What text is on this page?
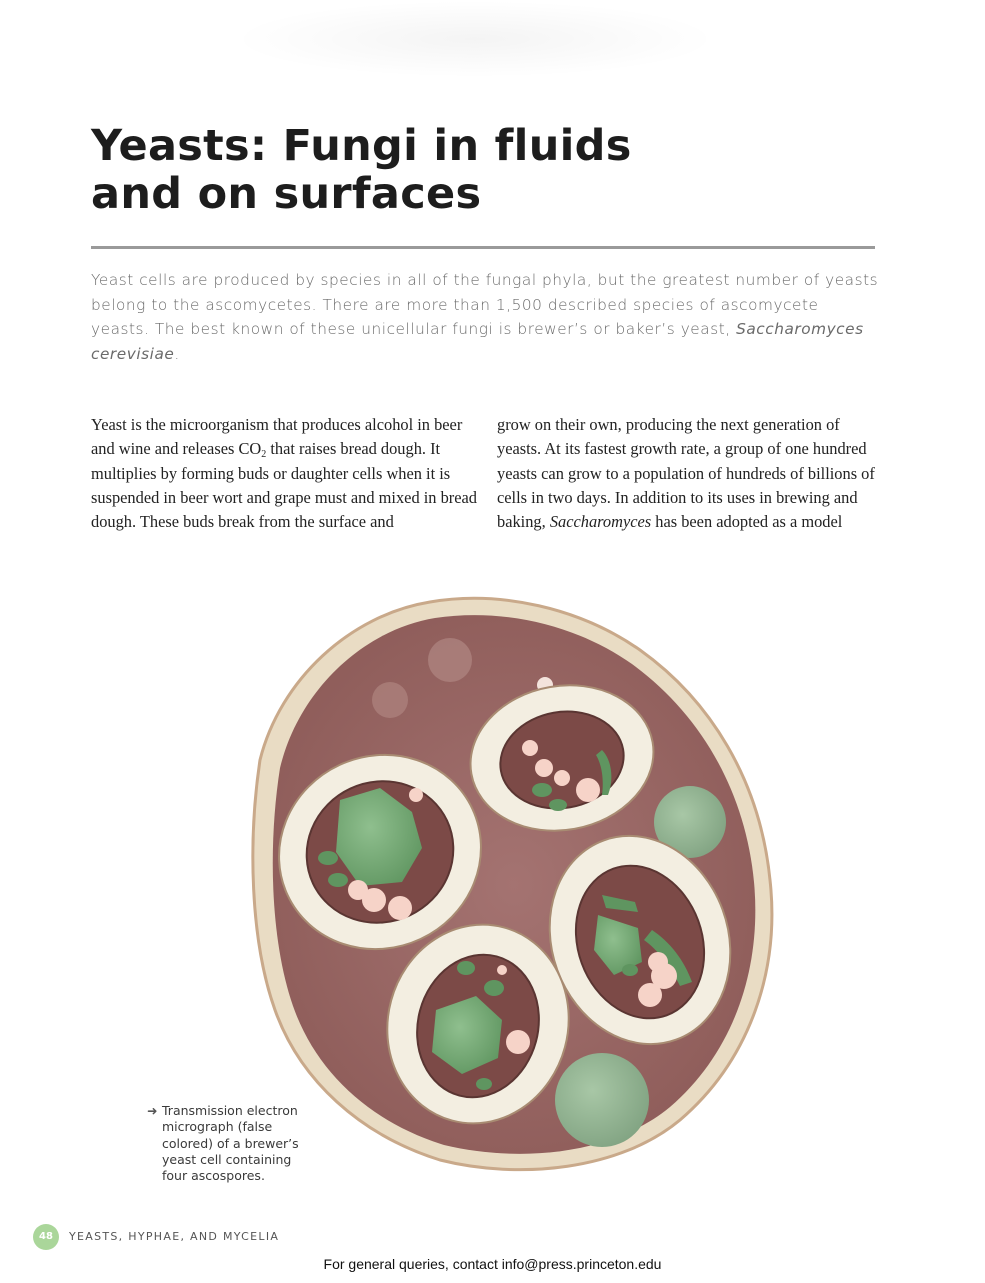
Yeasts: Fungi in fluids
and on surfaces

Yeast cells are produced by species in all of the fungal phyla, but the greatest number of yeasts belong to the ascomycetes. There are more than 1,500 described species of ascomycete yeasts. The best known of these unicellular fungi is brewer’s or baker’s yeast, Saccharomyces cerevisiae.

Yeast is the microorganism that produces alcohol in beer and wine and releases $CO_2$ that raises bread dough. It multiplies by forming buds or daughter cells when it is suspended in beer wort and grape must and mixed in bread dough. These buds break from the surface and

grow on their own, producing the next generation of yeasts. At its fastest growth rate, a group of one hundred yeasts can grow to a population of hundreds of billions of cells in two days. In addition to its uses in brewing and baking, Saccharomyces has been adopted as a model

➜ Transmission electron micrograph (false colored) of a brewer’s yeast cell containing four ascospores.
48	YEASTS, HYPHAE, AND MYCELIA
For general queries, contact info@press.princeton.edu
